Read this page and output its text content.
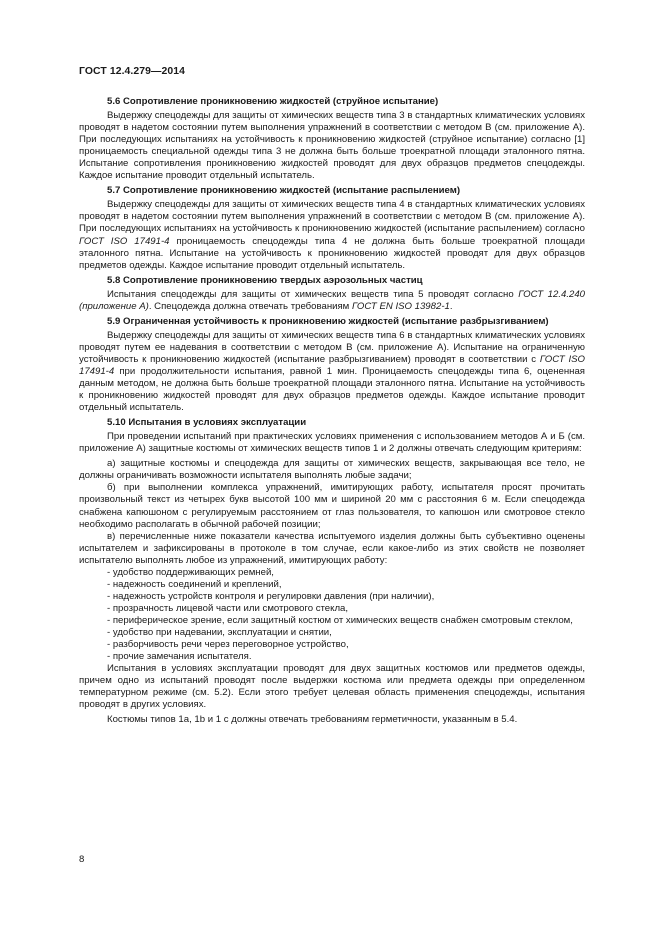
ГОСТ 12.4.279—2014
5.6 Сопротивление проникновению жидкостей (струйное испытание)

Выдержку спецодежды для защиты от химических веществ типа 3 в стандартных климатических условиях проводят в надетом состоянии путем выполнения упражнений в соответствии с методом В (см. приложение А). При последующих испытаниях на устойчивость к проникновению жидкостей (струйное испытание) согласно [1] проницаемость специальной одежды типа 3 не должна быть больше троекратной площади эталонного пятна. Испытание сопротивления проникновению жидкостей проводят для двух образцов предметов спецодежды. Каждое испытание проводит отдельный испытатель.

5.7 Сопротивление проникновению жидкостей (испытание распылением)

Выдержку спецодежды для защиты от химических веществ типа 4 в стандартных климатических условиях проводят в надетом состоянии путем выполнения упражнений в соответствии с методом В (см. приложение А). При последующих испытаниях на устойчивость к проникновению жидкостей (испытание распылением) согласно ГОСТ ISO 17491-4 проницаемость спецодежды типа 4 не должна быть больше троекратной площади эталонного пятна. Испытание на устойчивость к проникновению жидкостей проводят для двух образцов предметов одежды. Каждое испытание проводит отдельный испытатель.

5.8 Сопротивление проникновению твердых аэрозольных частиц

Испытания спецодежды для защиты от химических веществ типа 5 проводят согласно ГОСТ 12.4.240 (приложение А). Спецодежда должна отвечать требованиям ГОСТ EN ISO 13982-1.

5.9 Ограниченная устойчивость к проникновению жидкостей (испытание разбрызгиванием)

Выдержку спецодежды для защиты от химических веществ типа 6 в стандартных климатических условиях проводят путем ее надевания в соответствии с методом В (см. приложение А). Испытание на ограниченную устойчивость к проникновению жидкостей (испытание разбрызгиванием) проводят в соответствии с ГОСТ ISO 17491-4 при продолжительности испытания, равной 1 мин. Проницаемость спецодежды типа 6, оцененная данным методом, не должна быть больше троекратной площади эталонного пятна. Испытание на устойчивость к проникновению жидкостей проводят для двух образцов предметов одежды. Каждое испытание проводит отдельный испытатель.

5.10 Испытания в условиях эксплуатации

При проведении испытаний при практических условиях применения с использованием методов А и Б (см. приложение А) защитные костюмы от химических веществ типов 1 и 2 должны отвечать следующим критериям:

а) защитные костюмы и спецодежда для защиты от химических веществ, закрывающая все тело, не должны ограничивать возможности испытателя выполнять любые задачи;

б) при выполнении комплекса упражнений, имитирующих работу, испытателя просят прочитать произвольный текст из четырех букв высотой 100 мм и шириной 20 мм с расстояния 6 м. Если спецодежда снабжена капюшоном с регулируемым расстоянием от глаз пользователя, то капюшон или смотровое стекло необходимо располагать в обычной рабочей позиции;

в) перечисленные ниже показатели качества испытуемого изделия должны быть субъективно оценены испытателем и зафиксированы в протоколе в том случае, если какое-либо из этих свойств не позволяет испытателю выполнять любое из упражнений, имитирующих работу:

- удобство поддерживающих ремней,
- надежность соединений и креплений,
- надежность устройств контроля и регулировки давления (при наличии),
- прозрачность лицевой части или смотрового стекла,
- периферическое зрение, если защитный костюм от химических веществ снабжен смотровым стеклом,
- удобство при надевании, эксплуатации и снятии,
- разборчивость речи через переговорное устройство,
- прочие замечания испытателя.

Испытания в условиях эксплуатации проводят для двух защитных костюмов или предметов одежды, причем одно из испытаний проводят после выдержки костюма или предмета одежды при определенном температурном режиме (см. 5.2). Если этого требует целевая область применения спецодежды, испытания проводят в других условиях.

Костюмы типов 1а, 1b и 1 с должны отвечать требованиям герметичности, указанным в 5.4.

8
